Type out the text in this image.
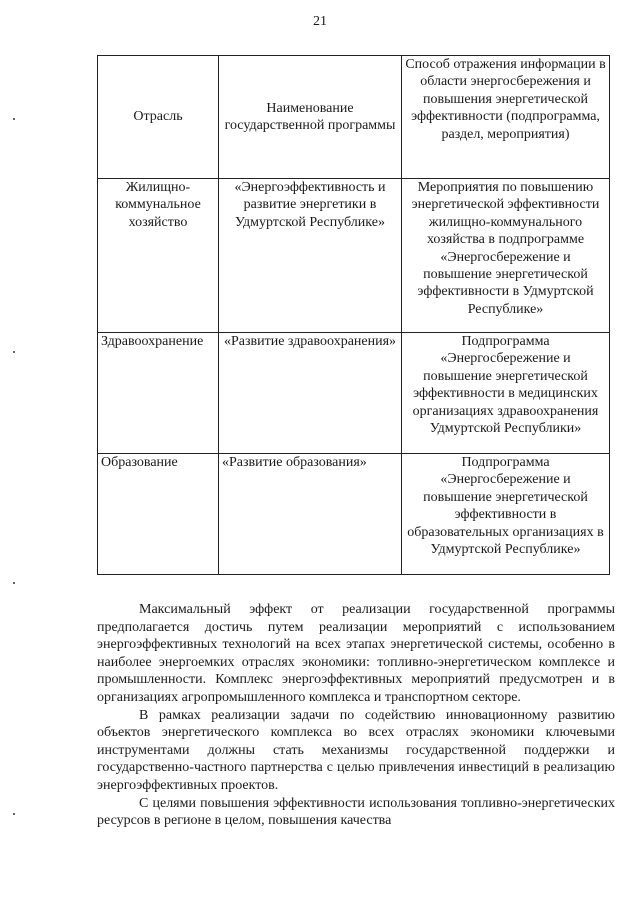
21
Отрасль	Наименование государственной программы	Способ отражения информации в области энергосбережения и повышения энергетической эффективности (подпрограмма, раздел, мероприятия)
Жилищно-коммунальное хозяйство	«Энергоэффективность и развитие энергетики в Удмуртской Республике»	Мероприятия по повышению энергетической эффективности жилищно-коммунального хозяйства в подпрограмме «Энергосбережение и повышение энергетической эффективности в Удмуртской Республике»
Здравоохранение	«Развитие здравоохранения»	Подпрограмма «Энергосбережение и повышение энергетической эффективности в медицинских организациях здравоохранения Удмуртской Республики»
Образование	«Развитие образования»	Подпрограмма «Энергосбережение и повышение энергетической эффективности в образовательных организациях в Удмуртской Республике»

Максимальный эффект от реализации государственной программы предполагается достичь путем реализации мероприятий с использованием энергоэффективных технологий на всех этапах энергетической системы, особенно в наиболее энергоемких отраслях экономики: топливно-энергетическом комплексе и промышленности. Комплекс энергоэффективных мероприятий предусмотрен и в организациях агропромышленного комплекса и транспортном секторе.

В рамках реализации задачи по содействию инновационному развитию объектов энергетического комплекса во всех отраслях экономики ключевыми инструментами должны стать механизмы государственной поддержки и государственно-частного партнерства с целью привлечения инвестиций в реализацию энергоэффективных проектов.

С целями повышения эффективности использования топливно-энергетических ресурсов в регионе в целом, повышения качества
